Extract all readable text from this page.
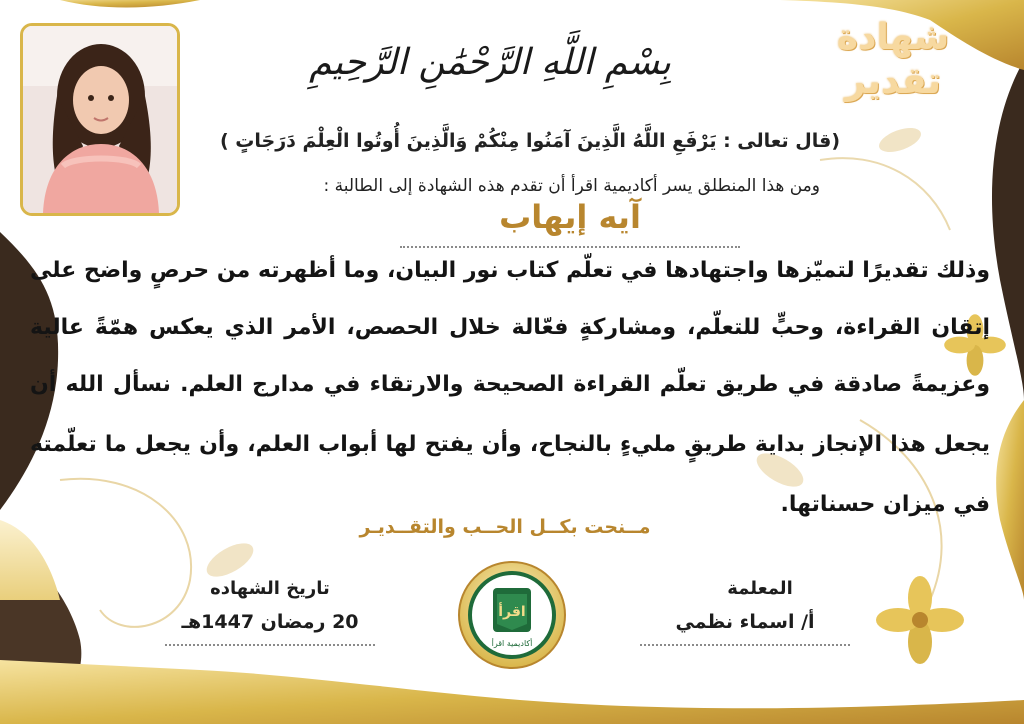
بِسْمِ اللَّهِ الرَّحْمَٰنِ الرَّحِيمِ
شهادة
تقدير
(قال تعالى : يَرْفَعِ اللَّهُ الَّذِينَ آمَنُوا مِنْكُمْ وَالَّذِينَ أُوتُوا الْعِلْمَ دَرَجَاتٍ )
ومن هذا المنطلق يسر أكاديمية اقرأ أن تقدم هذه الشهادة إلى الطالبة :
آيه إيهاب
وذلك تقديرًا لتميّزها واجتهادها في تعلّم كتاب نور البيان، وما أظهرته من حرصٍ واضح على
إتقان القراءة، وحبٍّ للتعلّم، ومشاركةٍ فعّالة خلال الحصص، الأمر الذي يعكس همّةً عالية
وعزيمةً صادقة في طريق تعلّم القراءة الصحيحة والارتقاء في مدارج العلم. نسأل الله أن
يجعل هذا الإنجاز بداية طريقٍ مليءٍ بالنجاح، وأن يفتح لها أبواب العلم، وأن يجعل ما تعلّمته
في ميزان حسناتها.
مــنحت بكــل الحــب والتقــديـر
المعلمة
أ/ اسماء نظمي
تاريخ الشهاده
20 رمضان 1447هـ	اقرأ
أكاديمية اقرأ
